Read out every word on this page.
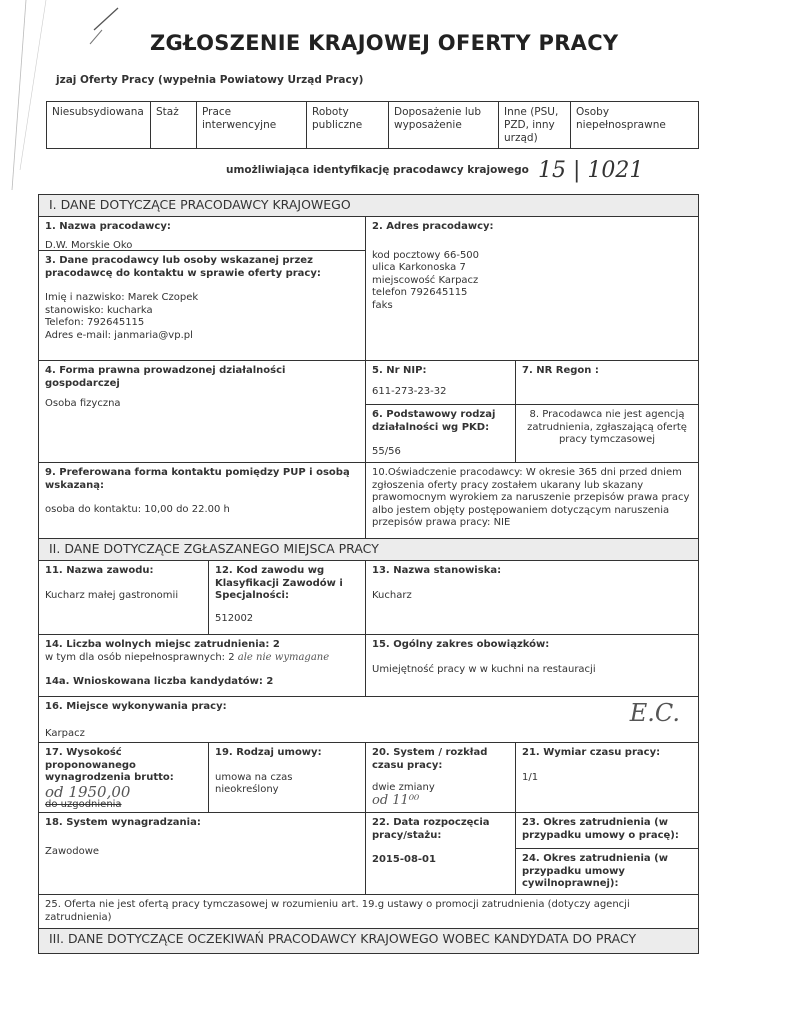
ZGŁOSZENIE KRAJOWEJ OFERTY PRACY
jzaj Oferty Pracy (wypełnia Powiatowy Urząd Pracy)
Niesubsydiowana	Staż	Prace interwencyjne
Roboty publiczne
Doposażenie lub wyposażenie
Inne (PSU, PZD, inny urząd)
Osoby niepełnosprawne
umożliwiająca identyfikację pracodawcy krajowego 15 | 1021
I. DANE DOTYCZĄCE PRACODAWCY KRAJOWEGO
1. Nazwa pracodawcy:
D.W. Morskie Oko
3. Dane pracodawcy lub osoby wskazanej przez pracodawcę do kontaktu w sprawie oferty pracy:
Imię i nazwisko: Marek Czopek
stanowisko: kucharka
Telefon: 792645115
Adres e-mail: janmaria@vp.pl
2. Adres pracodawcy:
kod pocztowy 66-500
ulica Karkonoska 7
miejscowość Karpacz
telefon 792645115
faks
4. Forma prawna prowadzonej działalności gospodarczej
Osoba fizyczna
5. Nr NIP:
611-273-23-32
7. NR Regon :
6. Podstawowy rodzaj działalności wg PKD:
55/56
8. Pracodawca nie jest agencją zatrudnienia, zgłaszającą ofertę pracy tymczasowej
9. Preferowana forma kontaktu pomiędzy PUP i osobą wskazaną:
osoba do kontaktu: 10,00 do 22.00 h
10.Oświadczenie pracodawcy: W okresie 365 dni przed dniem zgłoszenia oferty pracy zostałem ukarany lub skazany prawomocnym wyrokiem za naruszenie przepisów prawa pracy albo jestem objęty postępowaniem dotyczącym naruszenia przepisów prawa pracy: NIE
II. DANE DOTYCZĄCE ZGŁASZANEGO MIEJSCA PRACY
11. Nazwa zawodu:
Kucharz małej gastronomii
12. Kod zawodu wg Klasyfikacji Zawodów i Specjalności:
512002
13. Nazwa stanowiska:
Kucharz
14. Liczba wolnych miejsc zatrudnienia: 2
w tym dla osób niepełnosprawnych: 2 ale nie wymagane
14a. Wnioskowana liczba kandydatów: 2
15. Ogólny zakres obowiązków:
Umiejętność pracy w w kuchni na restauracji
16. Miejsce wykonywania pracy:
Karpacz
E.C.
17. Wysokość proponowanego wynagrodzenia brutto:
od 1950,00
do uzgodnienia
19. Rodzaj umowy:
umowa na czas nieokreślony
20. System / rozkład czasu pracy:
dwie zmiany
od 11⁰⁰
21. Wymiar czasu pracy:
1/1
18. System wynagradzania:
Zawodowe
22. Data rozpoczęcia pracy/stażu:
2015-08-01
23. Okres zatrudnienia (w przypadku umowy o pracę):
24. Okres zatrudnienia (w przypadku umowy cywilnoprawnej):
25. Oferta nie jest ofertą pracy tymczasowej w rozumieniu art. 19.g ustawy o promocji zatrudnienia (dotyczy agencji zatrudnienia)
III. DANE DOTYCZĄCE OCZEKIWAŃ PRACODAWCY KRAJOWEGO WOBEC KANDYDATA DO PRACY
